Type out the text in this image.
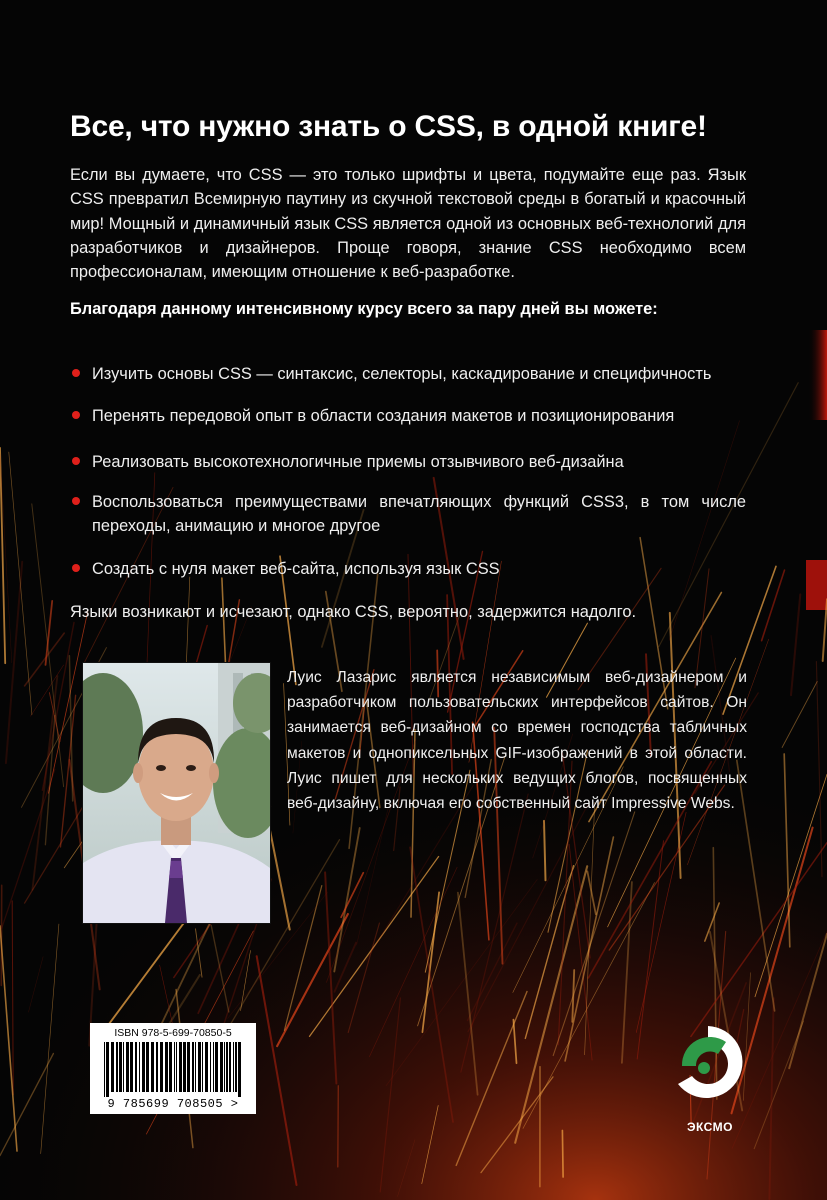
Все, что нужно знать о CSS, в одной книге!
Если вы думаете, что CSS — это только шрифты и цвета, подумайте еще раз. Язык CSS превратил Всемирную паутину из скучной текстовой среды в богатый и красочный мир! Мощный и динамичный язык CSS является одной из основных веб-технологий для разработчиков и дизайнеров. Проще говоря, знание CSS необходимо всем профессионалам, имеющим отношение к веб-разработке.
Благодаря данному интенсивному курсу всего за пару дней вы можете:
Изучить основы CSS — синтаксис, селекторы, каскадирование и специфичность
Перенять передовой опыт в области создания макетов и позиционирования
Реализовать высокотехнологичные приемы отзывчивого веб-дизайна
Воспользоваться преимуществами впечатляющих функций CSS3, в том числе переходы, анимацию и многое другое
Создать с нуля макет веб-сайта, используя язык CSS
Языки возникают и исчезают, однако CSS, вероятно, задержится надолго.

Луис Лазарис является независимым веб-дизайнером и разработчиком пользовательских интерфейсов сайтов. Он занимается веб-дизайном со времен господства табличных макетов и однопиксельных GIF-изображений в этой области. Луис пишет для нескольких ведущих блогов, посвященных веб-дизайну, включая его собственный сайт Impressive Webs.

ISBN 978-5-699-70850-5
9 785699 708505 >
ЭКСМО
